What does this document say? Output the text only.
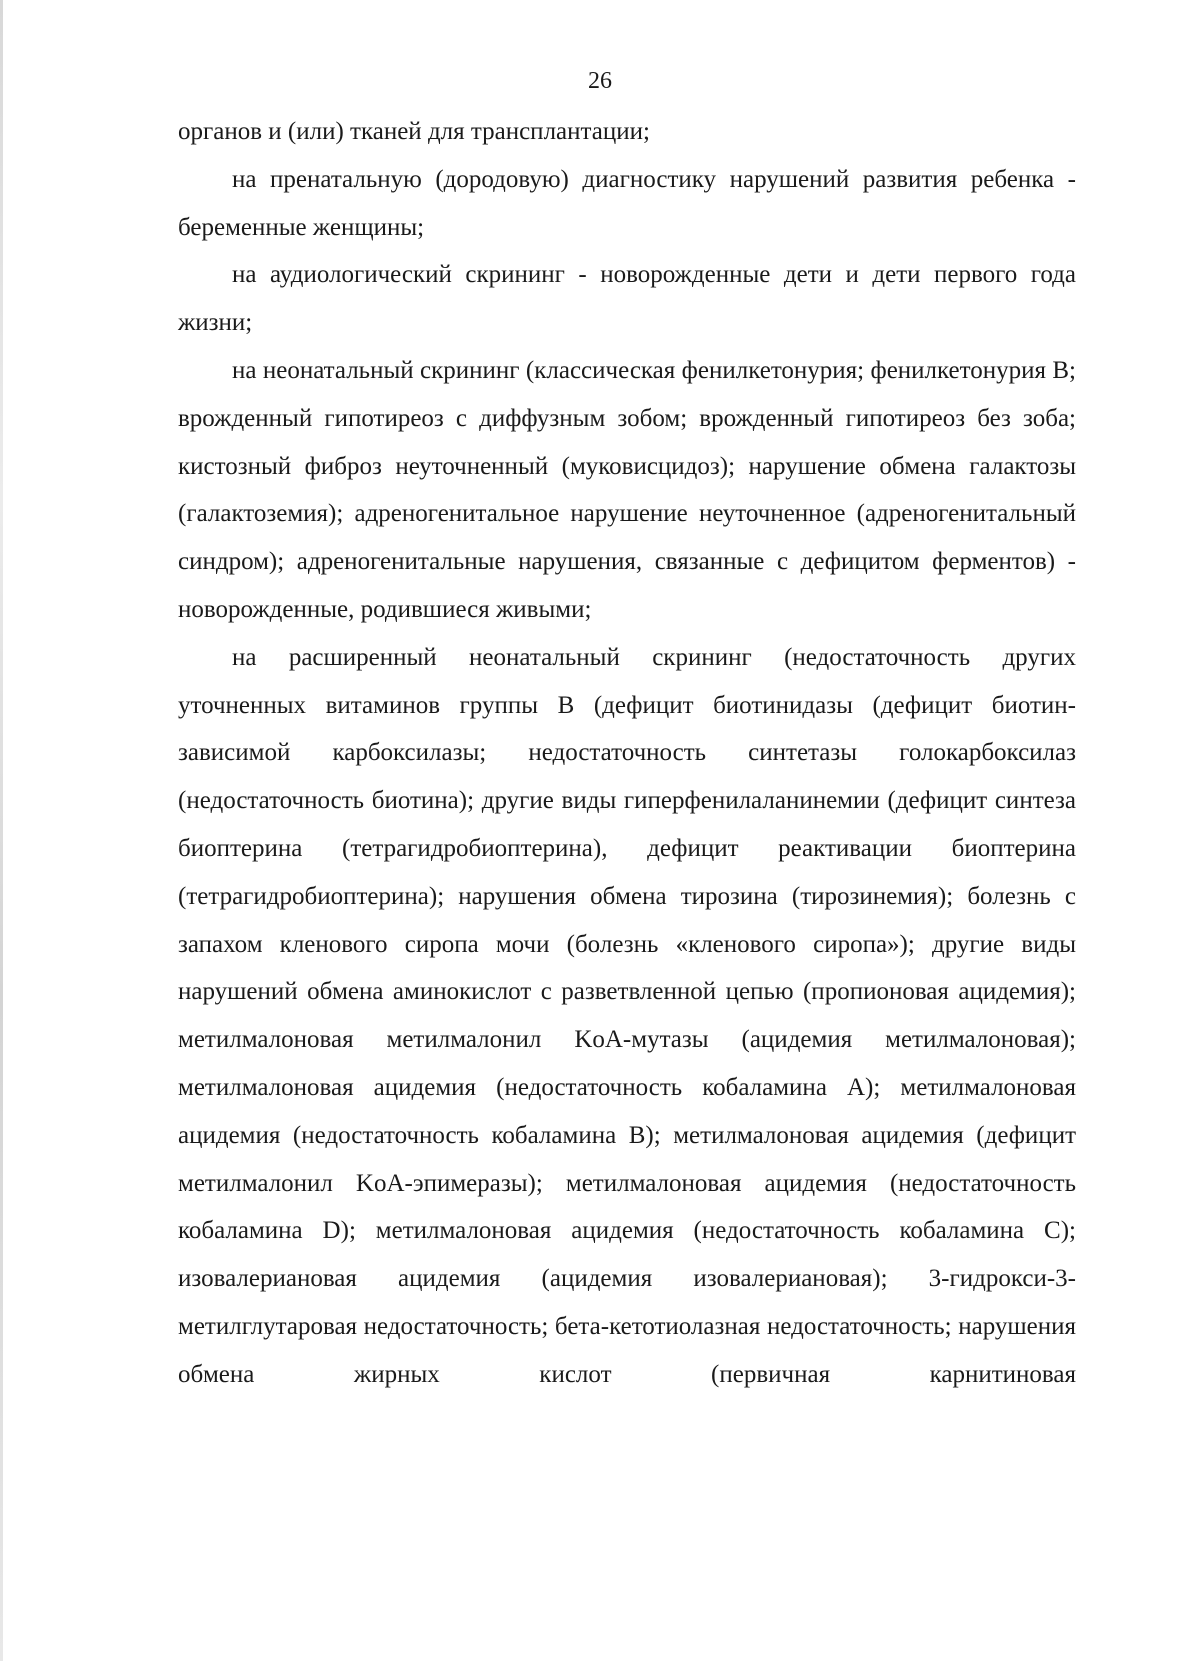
26

органов и (или) тканей для трансплантации;

на пренатальную (дородовую) диагностику нарушений развития ребенка - беременные женщины;

на аудиологический скрининг - новорожденные дети и дети первого года жизни;

на неонатальный скрининг (классическая фенилкетонурия; фенилкетонурия B; врожденный гипотиреоз с диффузным зобом; врожденный гипотиреоз без зоба; кистозный фиброз неуточненный (муковисцидоз); нарушение обмена галактозы (галактоземия); адреногенитальное нарушение неуточненное (адреногенитальный синдром); адреногенитальные нарушения, связанные с дефицитом ферментов) - новорожденные, родившиеся живыми;

на расширенный неонатальный скрининг (недостаточность других уточненных витаминов группы B (дефицит биотинидазы (дефицит биотин-зависимой карбоксилазы; недостаточность синтетазы голокарбоксилаз (недостаточность биотина); другие виды гиперфенилаланинемии (дефицит синтеза биоптерина (тетрагидробиоптерина), дефицит реактивации биоптерина (тетрагидробиоптерина); нарушения обмена тирозина (тирозинемия); болезнь с запахом кленового сиропа мочи (болезнь «кленового сиропа»); другие виды нарушений обмена аминокислот с разветвленной цепью (пропионовая ацидемия); метилмалоновая метилмалонил KoA-мутазы (ацидемия метилмалоновая); метилмалоновая ацидемия (недостаточность кобаламина A); метилмалоновая ацидемия (недостаточность кобаламина B); метилмалоновая ацидемия (дефицит метилмалонил KoA-эпимеразы); метилмалоновая ацидемия (недостаточность кобаламина D); метилмалоновая ацидемия (недостаточность кобаламина C); изовалериановая ацидемия (ацидемия изовалериановая); 3-гидрокси-3-метилглутаровая недостаточность; бета-кетотиолазная недостаточность; нарушения обмена жирных кислот (первичная карнитиновая
